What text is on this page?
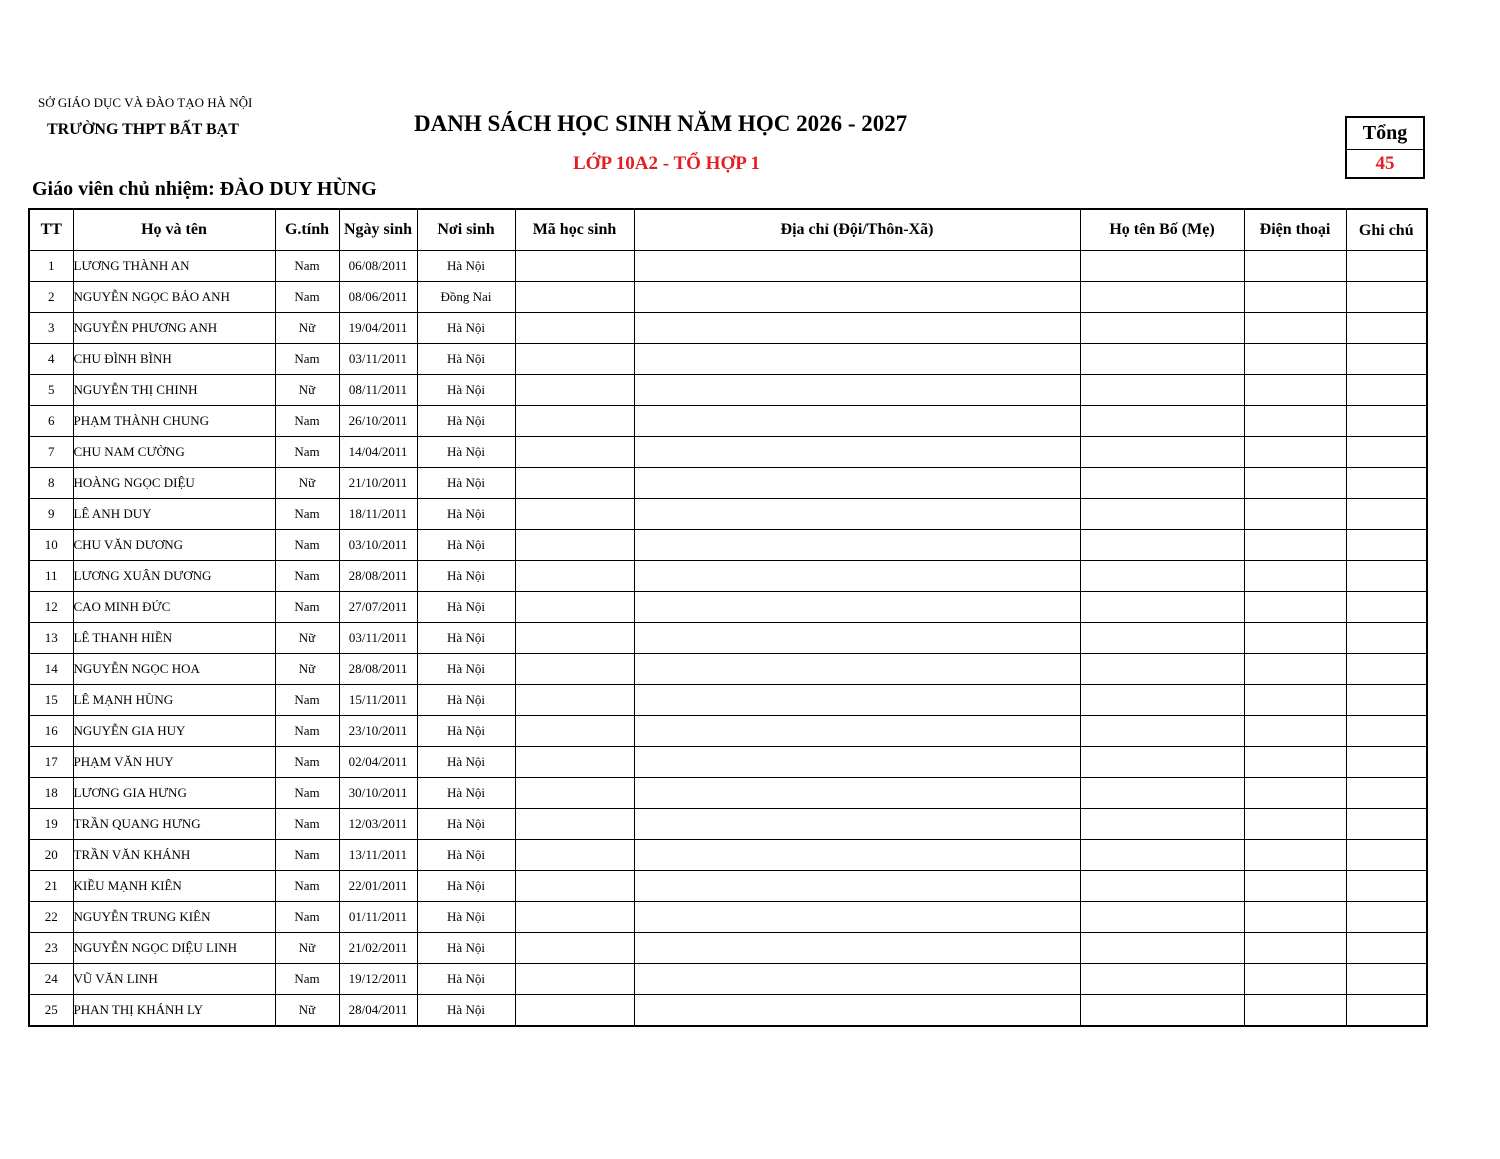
SỞ GIÁO DỤC VÀ ĐÀO TẠO HÀ NỘI
TRƯỜNG THPT BẤT BẠT	DANH SÁCH HỌC SINH NĂM HỌC 2026 - 2027
LỚP 10A2 - TỔ HỢP 1
Giáo viên chủ nhiệm: ĐÀO DUY HÙNG
Tổng
45
TT	Họ và tên	G.tính	Ngày sinh	Nơi sinh	Mã học sinh	Địa chỉ (Đội/Thôn-Xã)	Họ tên Bố (Mẹ)	Điện thoại	Ghi chú
1	LƯƠNG THÀNH AN	Nam	06/08/2011	Hà Nội					
2	NGUYỄN NGỌC BẢO ANH	Nam	08/06/2011	Đồng Nai					
3	NGUYỄN PHƯƠNG ANH	Nữ	19/04/2011	Hà Nội					
4	CHU ĐÌNH BÌNH	Nam	03/11/2011	Hà Nội					
5	NGUYỄN THỊ CHINH	Nữ	08/11/2011	Hà Nội					
6	PHẠM THÀNH CHUNG	Nam	26/10/2011	Hà Nội					
7	CHU NAM CƯỜNG	Nam	14/04/2011	Hà Nội					
8	HOÀNG NGỌC DIỆU	Nữ	21/10/2011	Hà Nội					
9	LÊ ANH DUY	Nam	18/11/2011	Hà Nội					
10	CHU VĂN DƯƠNG	Nam	03/10/2011	Hà Nội					
11	LƯƠNG XUÂN DƯƠNG	Nam	28/08/2011	Hà Nội					
12	CAO MINH ĐỨC	Nam	27/07/2011	Hà Nội					
13	LÊ THANH HIỀN	Nữ	03/11/2011	Hà Nội					
14	NGUYỄN NGỌC HOA	Nữ	28/08/2011	Hà Nội					
15	LÊ MẠNH HÙNG	Nam	15/11/2011	Hà Nội					
16	NGUYỄN GIA HUY	Nam	23/10/2011	Hà Nội					
17	PHẠM VĂN HUY	Nam	02/04/2011	Hà Nội					
18	LƯƠNG GIA HƯNG	Nam	30/10/2011	Hà Nội					
19	TRẦN QUANG HƯNG	Nam	12/03/2011	Hà Nội					
20	TRẦN VĂN KHÁNH	Nam	13/11/2011	Hà Nội					
21	KIỀU MẠNH KIÊN	Nam	22/01/2011	Hà Nội					
22	NGUYỄN TRUNG KIÊN	Nam	01/11/2011	Hà Nội					
23	NGUYỄN NGỌC DIỆU LINH	Nữ	21/02/2011	Hà Nội					
24	VŨ VĂN LINH	Nam	19/12/2011	Hà Nội					
25	PHAN THỊ KHÁNH LY	Nữ	28/04/2011	Hà Nội					
